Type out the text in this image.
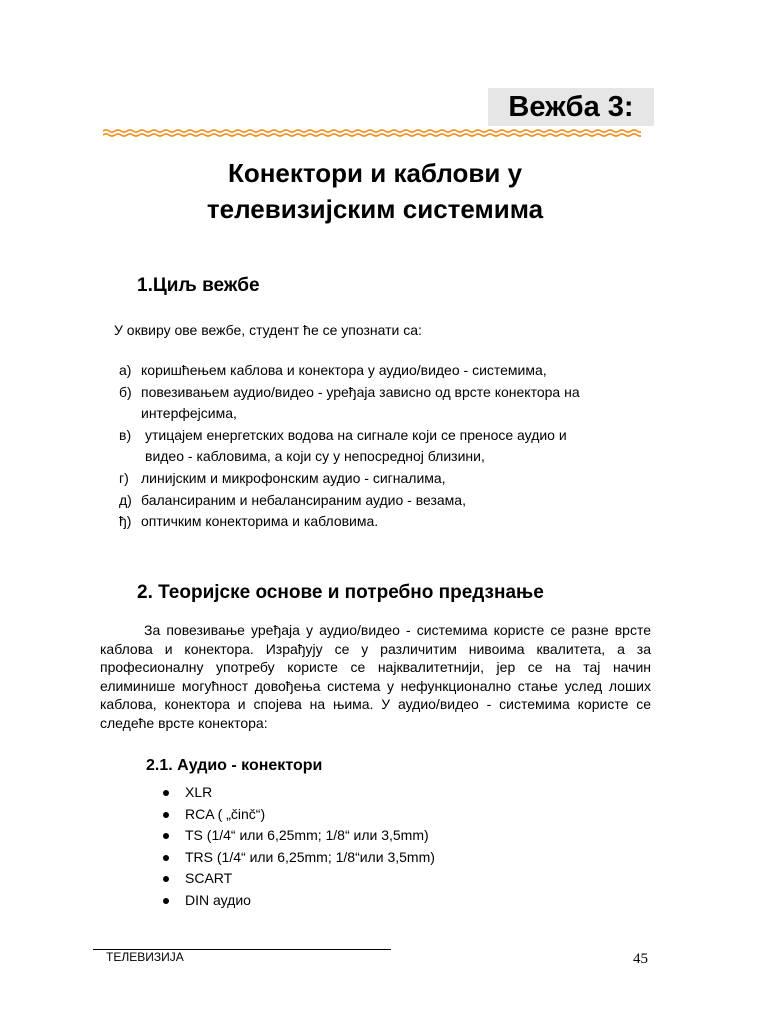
Вежба 3:
Конектори и каблови у
телевизијским системима
1.Циљ вежбе
У оквиру ове вежбе, студент ће се упознати са:
а) коришћењем каблова и конектора у аудио/видео - системима,
б) повезивањем аудио/видео - уређаја зависно од врсте конектора на
интерфејсима,
в) утицајем енергетских водова на сигнале који се преносе аудио и
видео - кабловима, а који су у непосредној близини,
г) линијским и микрофонским аудио - сигналима,
д) балансираним и небалансираним аудио - везама,
ђ) оптичким конекторима и кабловима.
2. Теоријске основе и потребно предзнање

За повезивање уређаја у аудио/видео - системима користе се разне врсте каблова и конектора. Израђују се у различитим нивоима квалитета, а за професионалну употребу користе се најквалитетнији, јер се на тај начин елиминише могућност довођења система у нефункционално стање услед лоших каблова, конектора и спојева на њима. У аудио/видео - системима користе се следеће врсте конектора:

2.1. Аудио - конектори
XLR
RCA ( „činč“)
TS (1/4“ или 6,25mm; 1/8“ или 3,5mm)
TRS (1/4“ или 6,25mm; 1/8“или 3,5mm)
SCART
DIN аудио
ТЕЛЕВИЗИЈА	45
